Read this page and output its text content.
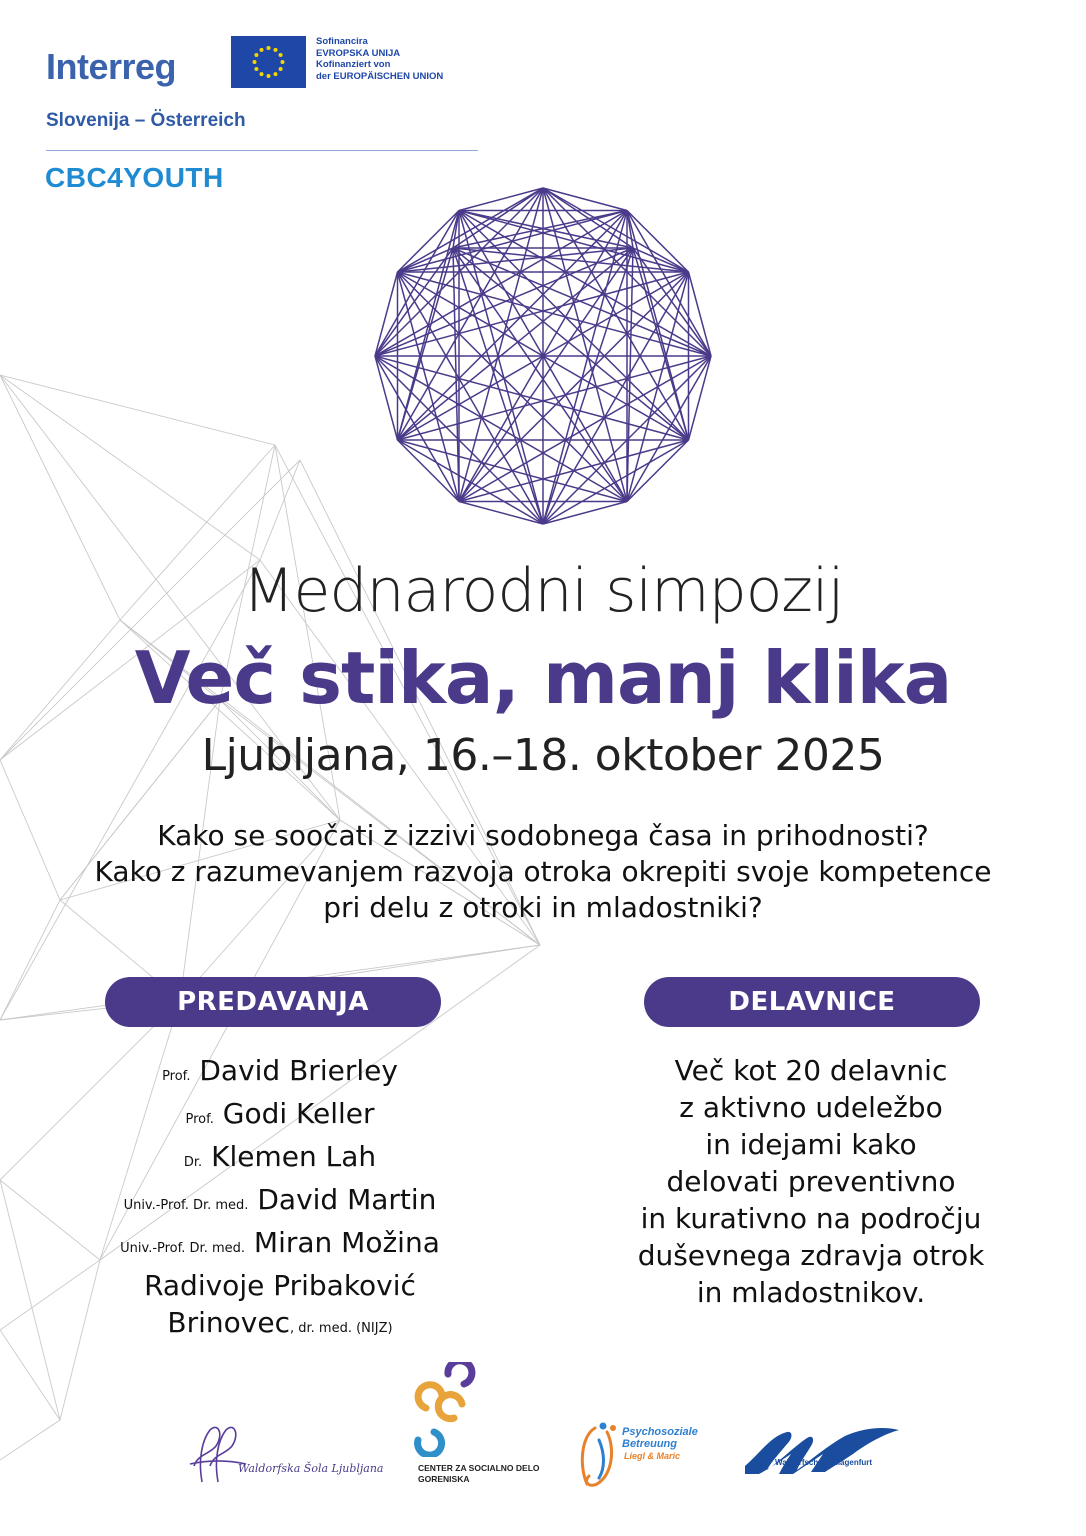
Interreg
Sofinancira
EVROPSKA UNIJA
Kofinanziert von
der EUROPÄISCHEN UNION
Slovenija – Österreich
CBC4YOUTH
Mednarodni simpozij
Več stika, manj klika
Ljubljana, 16.–18. oktober 2025
Kako se soočati z izzivi sodobnega časa in prihodnosti?
Kako z razumevanjem razvoja otroka okrepiti svoje kompetence
pri delu z otroki in mladostniki?
PREDAVANJA	DELAVNICE
Prof. David Brierley
Prof. Godi Keller
Dr. Klemen Lah
Univ.-Prof. Dr. med. David Martin
Univ.-Prof. Dr. med. Miran Možina
Radivoje Pribaković
Brinovec, dr. med. (NIJZ)
Več kot 20 delavnic
z aktivno udeležbo
in idejami kako
delovati preventivno
in kurativno na področju
duševnega zdravja otrok
in mladostnikov.
Waldorfska Šola Ljubljana	CENTER ZA SOCIALNO DELO
GORENISKA
Psychosoziale
Betreuung
Liegl & Maric
Waldorfschule Klagenfurt
